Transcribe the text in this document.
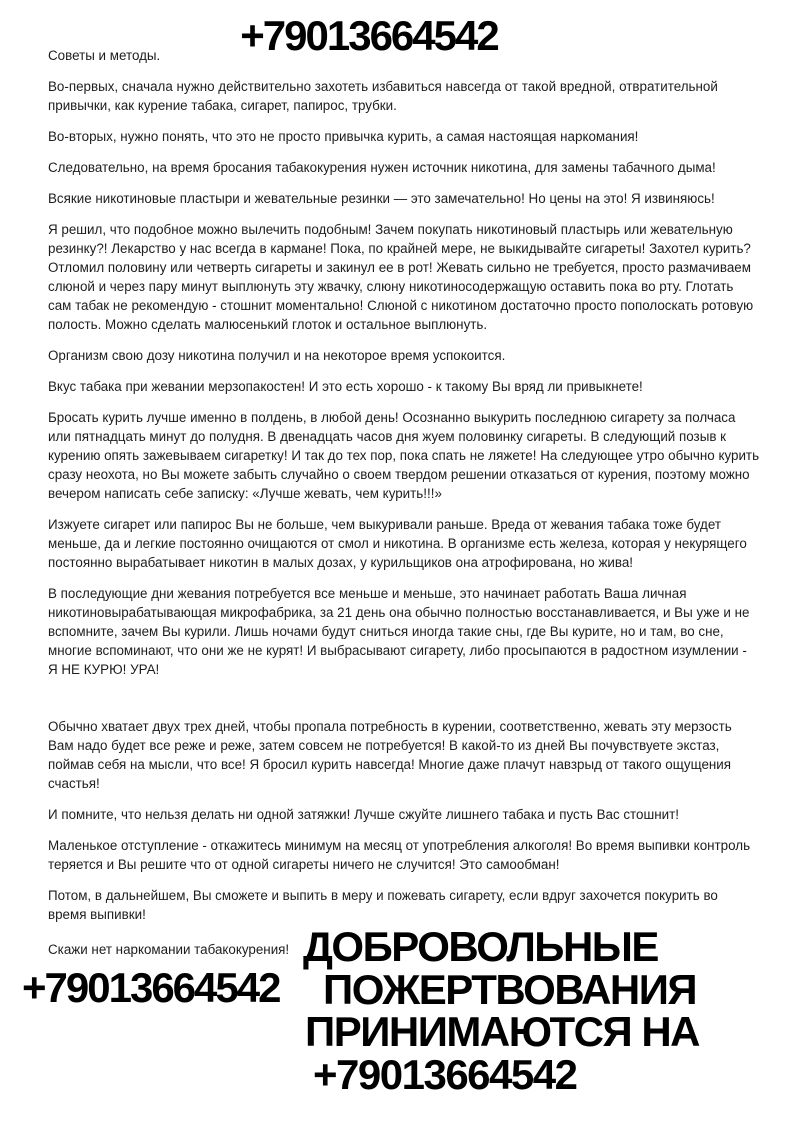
+79013664542

Советы и методы.

Во-первых, сначала нужно действительно захотеть избавиться навсегда от такой вредной, отвратительной привычки, как курение табака, сигарет, папирос, трубки.

Во-вторых, нужно понять, что это не просто привычка курить, а самая настоящая наркомания!

Следовательно, на время бросания табакокурения нужен источник никотина, для замены табачного дыма!

Всякие никотиновые пластыри и жевательные резинки — это замечательно! Но цены на это! Я извиняюсь!

Я решил, что подобное можно вылечить подобным! Зачем покупать никотиновый пластырь или жевательную резинку?! Лекарство у нас всегда в кармане! Пока, по крайней мере, не выкидывайте сигареты! Захотел курить? Отломил половину или четверть сигареты и закинул ее в рот! Жевать сильно не требуется, просто размачиваем слюной и через пару минут выплюнуть эту жвачку, слюну никотиносодержащую оставить пока во рту. Глотать сам табак не рекомендую - стошнит моментально! Слюной с никотином достаточно просто пополоскать ротовую полость. Можно сделать малюсенький глоток и остальное выплюнуть.

Организм свою дозу никотина получил и на некоторое время успокоится.

Вкус табака при жевании мерзопакостен! И это есть хорошо - к такому Вы вряд ли привыкнете!

Бросать курить лучше именно в полдень, в любой день! Осознанно выкурить последнюю сигарету за полчаса или пятнадцать минут до полудня. В двенадцать часов дня жуем половинку сигареты. В следующий позыв к курению опять зажевываем сигаретку! И так до тех пор, пока спать не ляжете! На следующее утро обычно курить сразу неохота, но Вы можете забыть случайно о своем твердом решении отказаться от курения, поэтому можно вечером написать себе записку: «Лучше жевать, чем курить!!!»

Изжуете сигарет или папирос Вы не больше, чем выкуривали раньше. Вреда от жевания табака тоже будет меньше, да и легкие постоянно очищаются от смол и никотина. В организме есть железа, которая у некурящего постоянно вырабатывает никотин в малых дозах, у курильщиков она атрофирована, но жива!

В последующие дни жевания потребуется все меньше и меньше, это начинает работать Ваша личная никотиновырабатывающая микрофабрика, за 21 день она обычно полностью восстанавливается, и Вы уже и не вспомните, зачем Вы курили. Лишь ночами будут сниться иногда такие сны, где Вы курите, но и там, во сне, многие вспоминают, что они же не курят! И выбрасывают сигарету, либо просыпаются в радостном изумлении - Я НЕ КУРЮ! УРА!

Обычно хватает двух трех дней, чтобы пропала потребность в курении, соответственно, жевать эту мерзость Вам надо будет все реже и реже, затем совсем не потребуется! В какой-то из дней Вы почувствуете экстаз, поймав себя на мысли, что все! Я бросил курить навсегда! Многие даже плачут навзрыд от такого ощущения счастья!

И помните, что нельзя делать ни одной затяжки! Лучше сжуйте лишнего табака и пусть Вас стошнит!

Маленькое отступление - откажитесь минимум на месяц от употребления алкоголя! Во время выпивки контроль теряется и Вы решите что от одной сигареты ничего не случится! Это самообман!

Потом, в дальнейшем, Вы сможете и выпить в меру и пожевать сигарету, если вдруг захочется покурить во время выпивки!

Скажи нет наркомании табакокурения!
+79013664542
ДОБРОВОЛЬНЫЕ
ПОЖЕРТВОВАНИЯ
ПРИНИМАЮТСЯ НА
+79013664542
